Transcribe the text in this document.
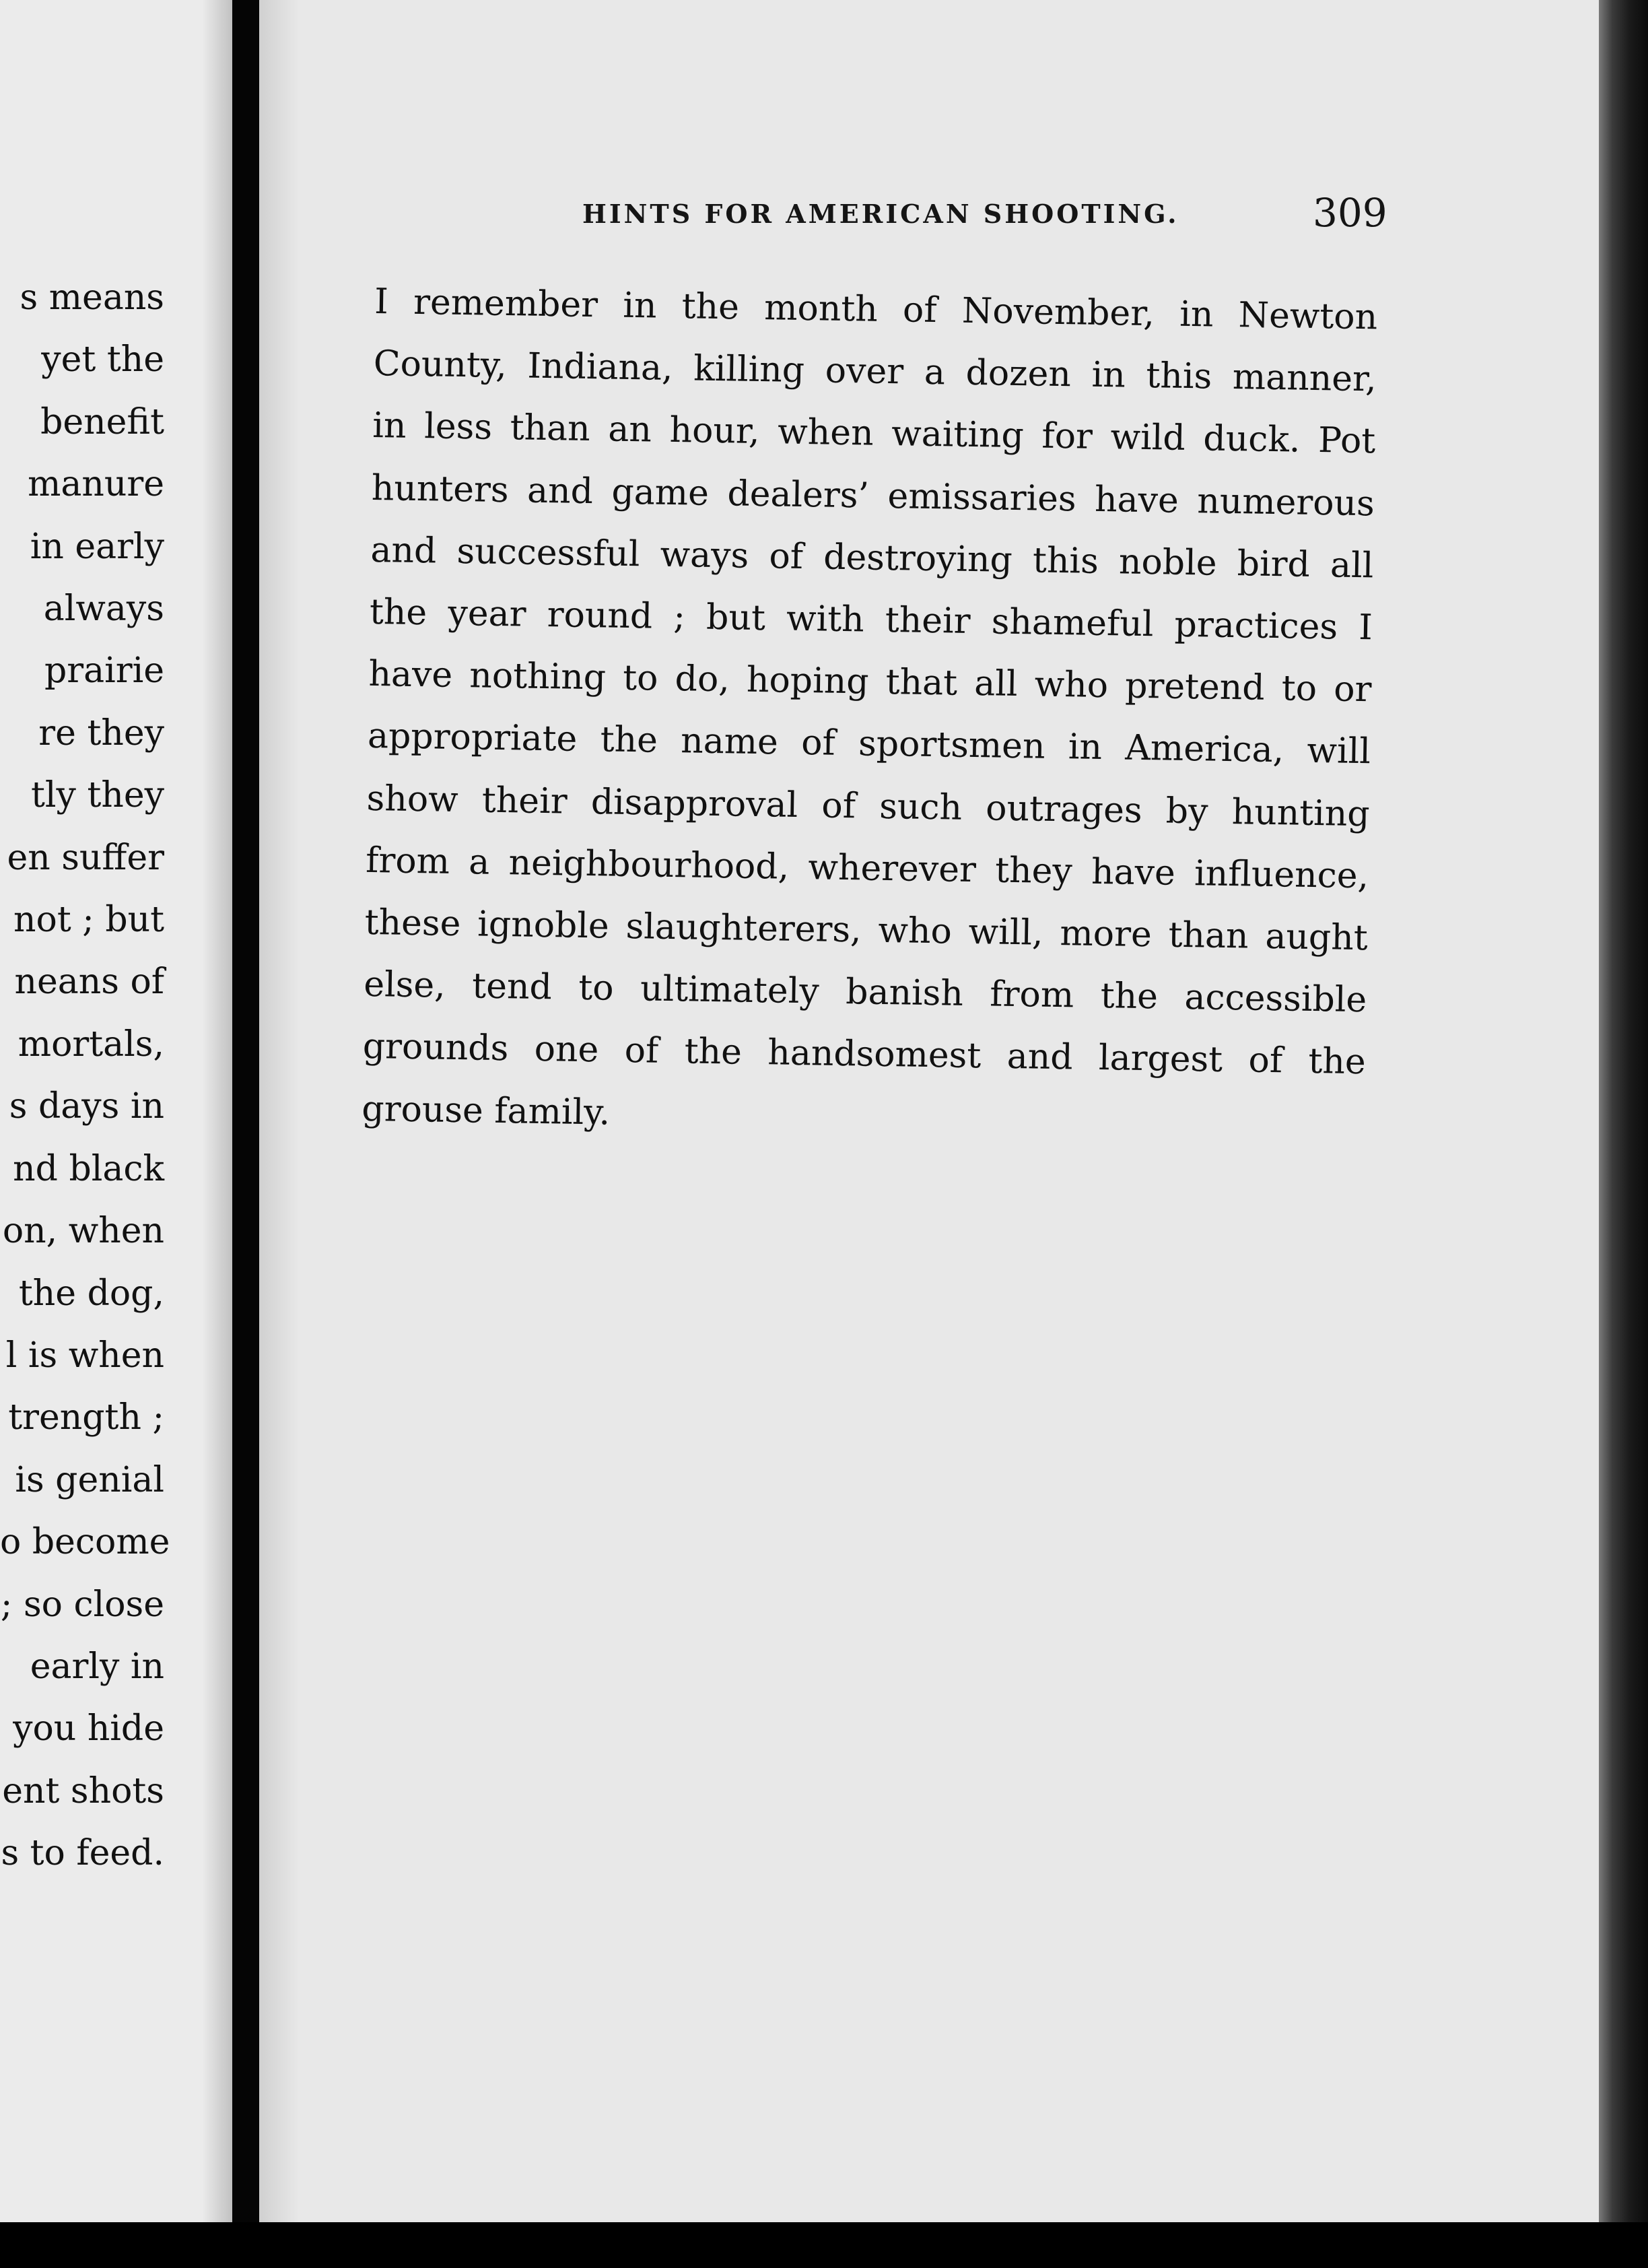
s means
yet the
benefit
manure
in early
always
prairie
re they
tly they
en suffer
not ; but
neans of
mortals,
s days in
nd black
on, when
the dog,
l is when
trength ;
is genial
o become
; so close
early in
you hide
ent shots
s to feed.

HINTS FOR AMERICAN SHOOTING.	309

I remember in the month of November, in Newton
County, Indiana, killing over a dozen in this manner,
in less than an hour, when waiting for wild duck. Pot
hunters and game dealers’ emissaries have numerous
and successful ways of destroying this noble bird all
the year round ; but with their shameful practices I
have nothing to do, hoping that all who pretend to or
appropriate the name of sportsmen in America, will
show their disapproval of such outrages by hunting
from a neighbourhood, wherever they have influence,
these ignoble slaughterers, who will, more than aught
else, tend to ultimately banish from the accessible
grounds one of the handsomest and largest of the
grouse family.
